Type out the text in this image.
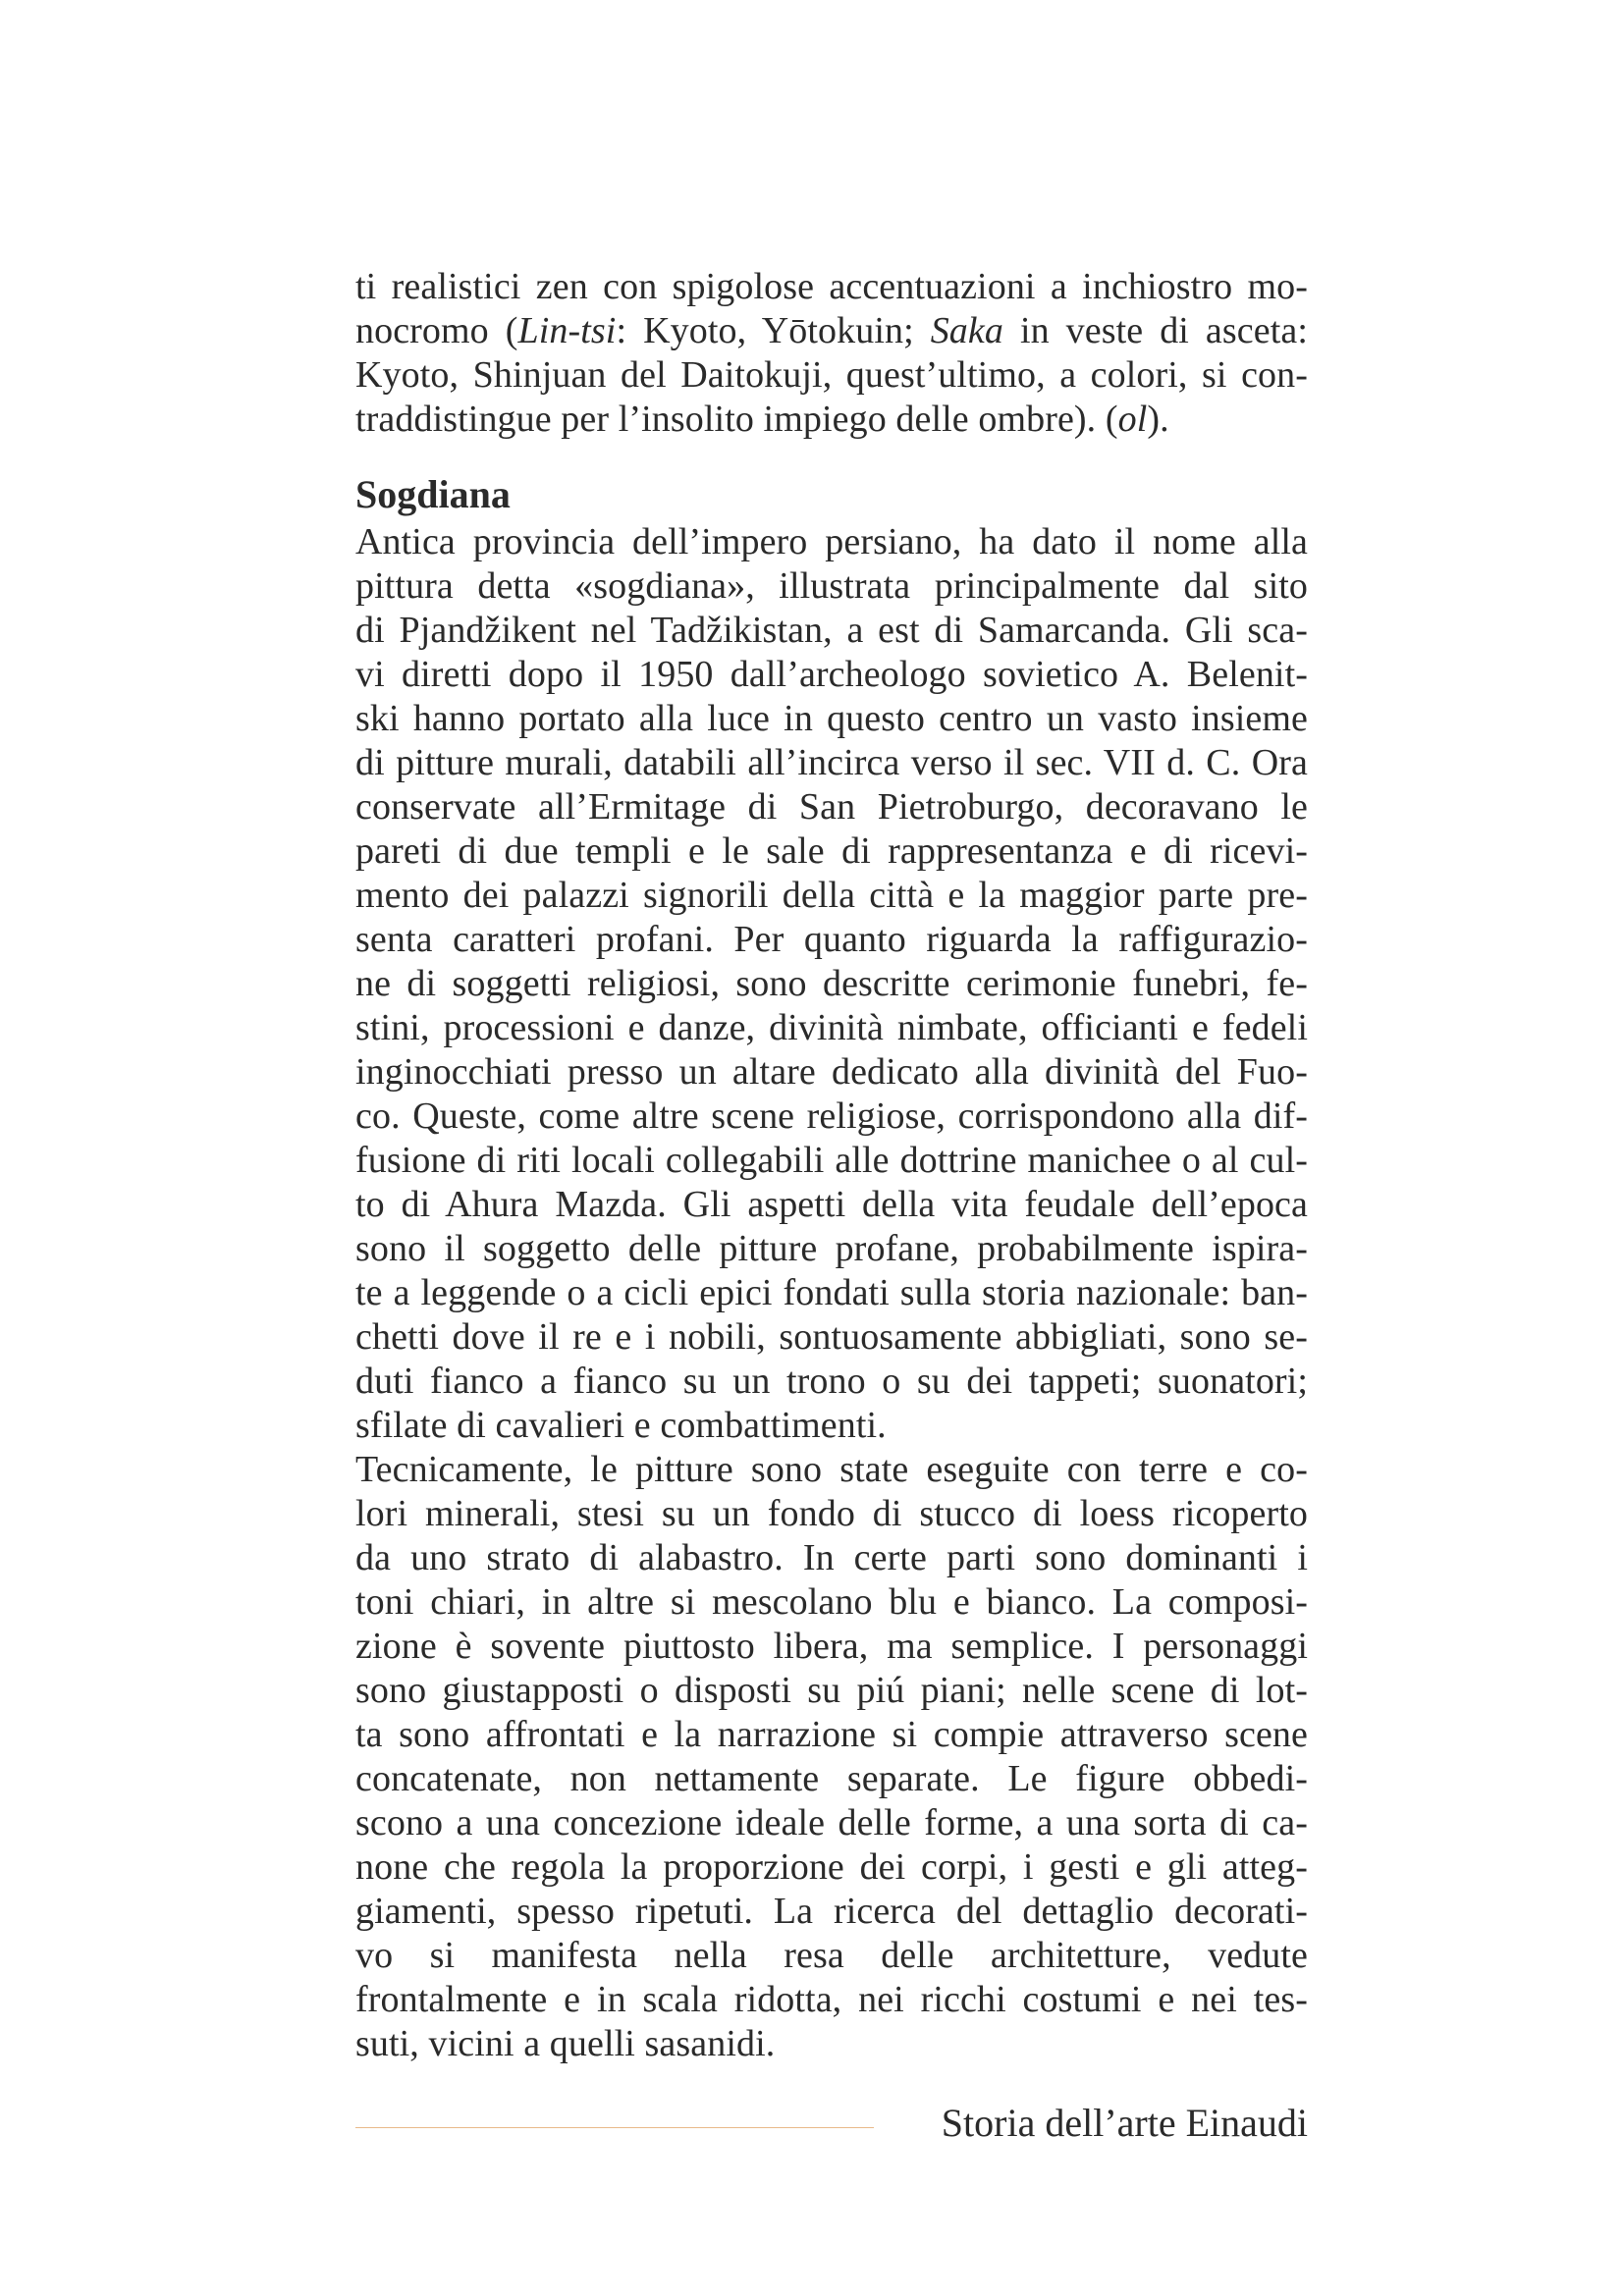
ti realistici zen con spigolose accentuazioni a inchiostro mo-
nocromo (Lin-tsi: Kyoto, Yōtokuin; Saka in veste di asceta:
Kyoto, Shinjuan del Daitokuji, quest’ultimo, a colori, si con-
traddistingue per l’insolito impiego delle ombre). (ol).
Sogdiana
Antica provincia dell’impero persiano, ha dato il nome alla
pittura detta «sogdiana», illustrata principalmente dal sito
di Pjandžikent nel Tadžikistan, a est di Samarcanda. Gli sca-
vi diretti dopo il 1950 dall’archeologo sovietico A. Belenit-
ski hanno portato alla luce in questo centro un vasto insieme
di pitture murali, databili all’incirca verso il sec. VII d. C. Ora
conservate all’Ermitage di San Pietroburgo, decoravano le
pareti di due templi e le sale di rappresentanza e di ricevi-
mento dei palazzi signorili della città e la maggior parte pre-
senta caratteri profani. Per quanto riguarda la raffigurazio-
ne di soggetti religiosi, sono descritte cerimonie funebri, fe-
stini, processioni e danze, divinità nimbate, officianti e fedeli
inginocchiati presso un altare dedicato alla divinità del Fuo-
co. Queste, come altre scene religiose, corrispondono alla dif-
fusione di riti locali collegabili alle dottrine manichee o al cul-
to di Ahura Mazda. Gli aspetti della vita feudale dell’epoca
sono il soggetto delle pitture profane, probabilmente ispira-
te a leggende o a cicli epici fondati sulla storia nazionale: ban-
chetti dove il re e i nobili, sontuosamente abbigliati, sono se-
duti fianco a fianco su un trono o su dei tappeti; suonatori;
sfilate di cavalieri e combattimenti.
Tecnicamente, le pitture sono state eseguite con terre e co-
lori minerali, stesi su un fondo di stucco di loess ricoperto
da uno strato di alabastro. In certe parti sono dominanti i
toni chiari, in altre si mescolano blu e bianco. La composi-
zione è sovente piuttosto libera, ma semplice. I personaggi
sono giustapposti o disposti su piú piani; nelle scene di lot-
ta sono affrontati e la narrazione si compie attraverso scene
concatenate, non nettamente separate. Le figure obbedi-
scono a una concezione ideale delle forme, a una sorta di ca-
none che regola la proporzione dei corpi, i gesti e gli atteg-
giamenti, spesso ripetuti. La ricerca del dettaglio decorati-
vo si manifesta nella resa delle architetture, vedute
frontalmente e in scala ridotta, nei ricchi costumi e nei tes-
suti, vicini a quelli sasanidi.
Storia dell’arte Einaudi
